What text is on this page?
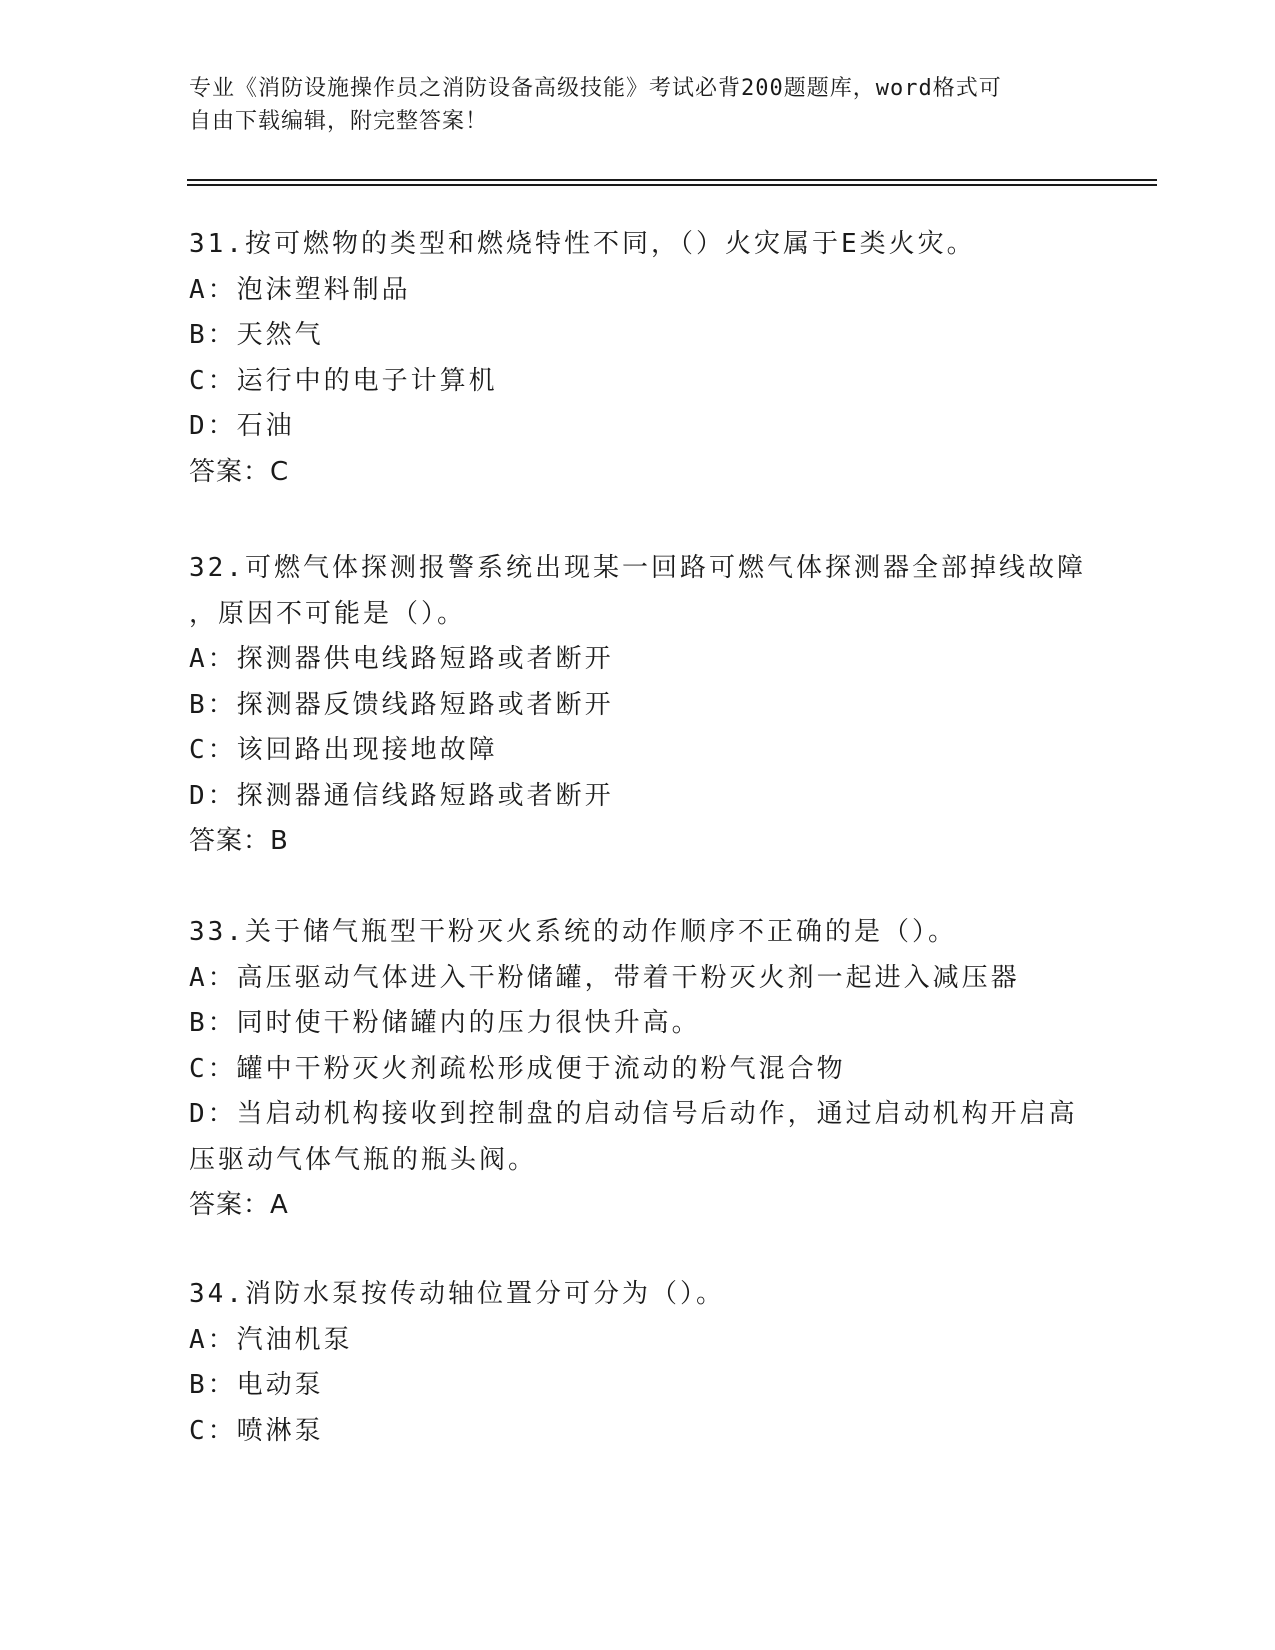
专业《消防设施操作员之消防设备高级技能》考试必背200题题库，word格式可
自由下载编辑，附完整答案！
31.按可燃物的类型和燃烧特性不同，（）火灾属于E类火灾。
A：泡沫塑料制品
B：天然气
C：运行中的电子计算机
D：石油
答案：C
32.可燃气体探测报警系统出现某一回路可燃气体探测器全部掉线故障
，原因不可能是（）。
A：探测器供电线路短路或者断开
B：探测器反馈线路短路或者断开
C：该回路出现接地故障
D：探测器通信线路短路或者断开
答案：B
33.关于储气瓶型干粉灭火系统的动作顺序不正确的是（）。
A：高压驱动气体进入干粉储罐，带着干粉灭火剂一起进入减压器
B：同时使干粉储罐内的压力很快升高。
C：罐中干粉灭火剂疏松形成便于流动的粉气混合物
D：当启动机构接收到控制盘的启动信号后动作，通过启动机构开启高
压驱动气体气瓶的瓶头阀。
答案：A
34.消防水泵按传动轴位置分可分为（）。
A：汽油机泵
B：电动泵
C：喷淋泵
